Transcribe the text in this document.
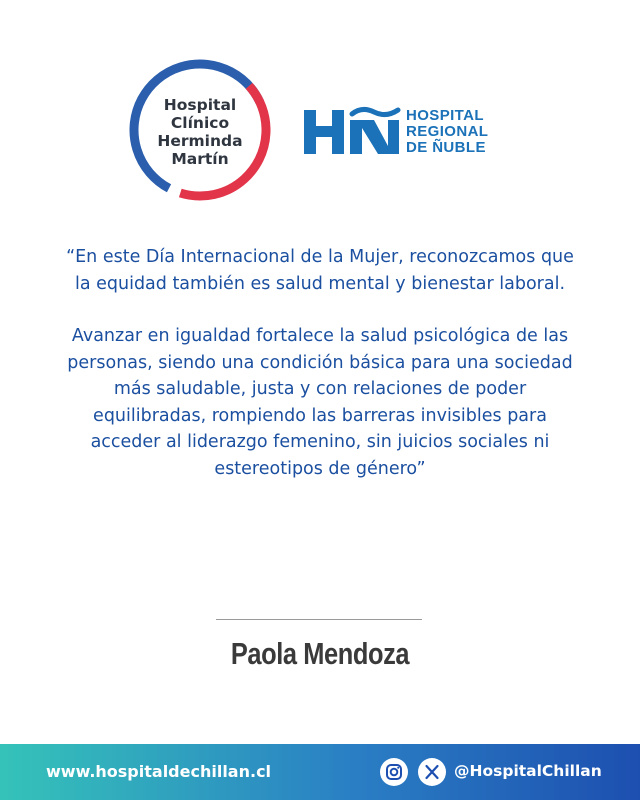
Hospital
Clínico
Herminda
Martín
HOSPITAL
REGIONAL
DE ÑUBLE

“En este Día Internacional de la Mujer, reconozcamos que la equidad también es salud mental y bienestar laboral.

Avanzar en igualdad fortalece la salud psicológica de las personas, siendo una condición básica para una sociedad más saludable, justa y con relaciones de poder equilibradas, rompiendo las barreras invisibles para acceder al liderazgo femenino, sin juicios sociales ni estereotipos de género”

Paola Mendoza
www.hospitaldechillan.cl	@HospitalChillan
